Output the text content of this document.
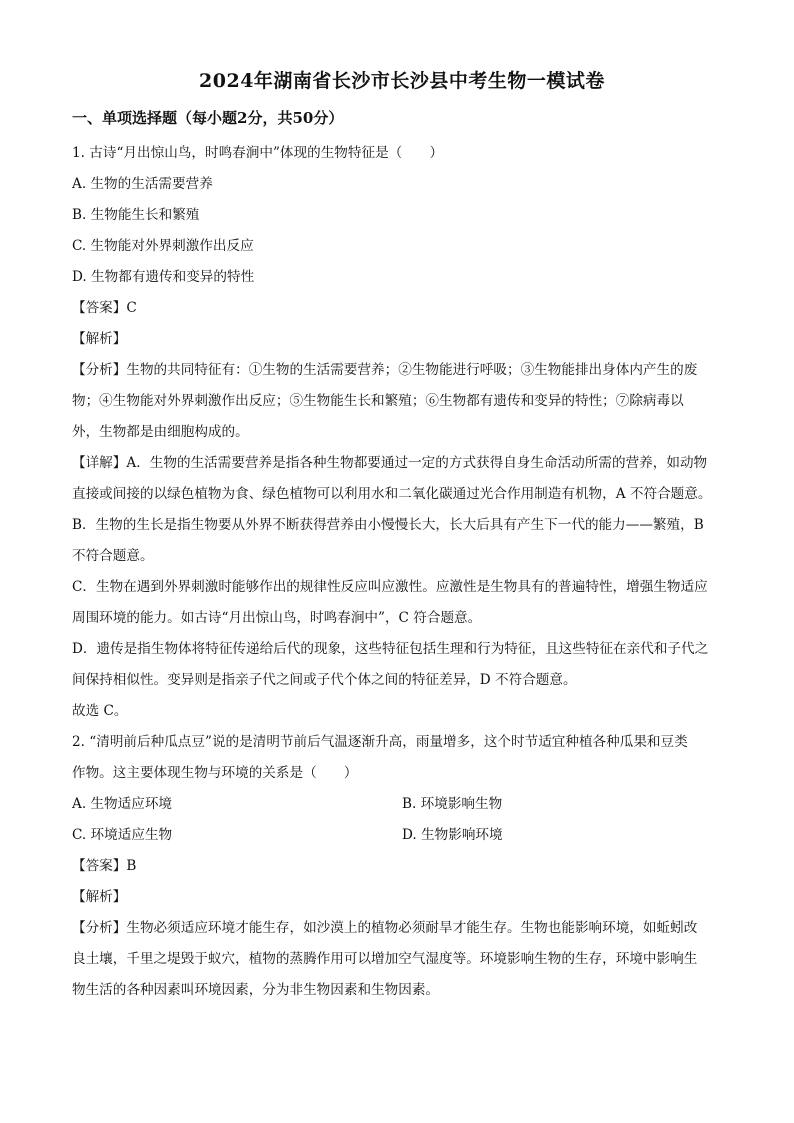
2024年湖南省长沙市长沙县中考生物一模试卷
一、单项选择题（每小题2分，共50分）

1. 古诗“月出惊山鸟，时鸣春涧中”体现的生物特征是（　　）

A. 生物的生活需要营养

B. 生物能生长和繁殖

C. 生物能对外界刺激作出反应

D. 生物都有遗传和变异的特性

【答案】C

【解析】

【分析】生物的共同特征有：①生物的生活需要营养；②生物能进行呼吸；③生物能排出身体内产生的废

物；④生物能对外界刺激作出反应；⑤生物能生长和繁殖；⑥生物都有遗传和变异的特性；⑦除病毒以

外，生物都是由细胞构成的。

【详解】A．生物的生活需要营养是指各种生物都要通过一定的方式获得自身生命活动所需的营养，如动物

直接或间接的以绿色植物为食、绿色植物可以利用水和二氧化碳通过光合作用制造有机物，A 不符合题意。

B．生物的生长是指生物要从外界不断获得营养由小慢慢长大，长大后具有产生下一代的能力——繁殖，B

不符合题意。

C．生物在遇到外界刺激时能够作出的规律性反应叫应激性。应激性是生物具有的普遍特性，增强生物适应

周围环境的能力。如古诗“月出惊山鸟，时鸣春涧中”，C 符合题意。

D．遗传是指生物体将特征传递给后代的现象，这些特征包括生理和行为特征，且这些特征在亲代和子代之

间保持相似性。变异则是指亲子代之间或子代个体之间的特征差异，D 不符合题意。

故选 C。

2. “清明前后种瓜点豆”说的是清明节前后气温逐渐升高，雨量增多，这个时节适宜种植各种瓜果和豆类

作物。这主要体现生物与环境的关系是（　　）

A. 生物适应环境	B. 环境影响生物
C. 环境适应生物	D. 生物影响环境

【答案】B

【解析】

【分析】生物必须适应环境才能生存，如沙漠上的植物必须耐旱才能生存。生物也能影响环境，如蚯蚓改

良土壤，千里之堤毁于蚁穴，植物的蒸腾作用可以增加空气湿度等。环境影响生物的生存，环境中影响生

物生活的各种因素叫环境因素，分为非生物因素和生物因素。
